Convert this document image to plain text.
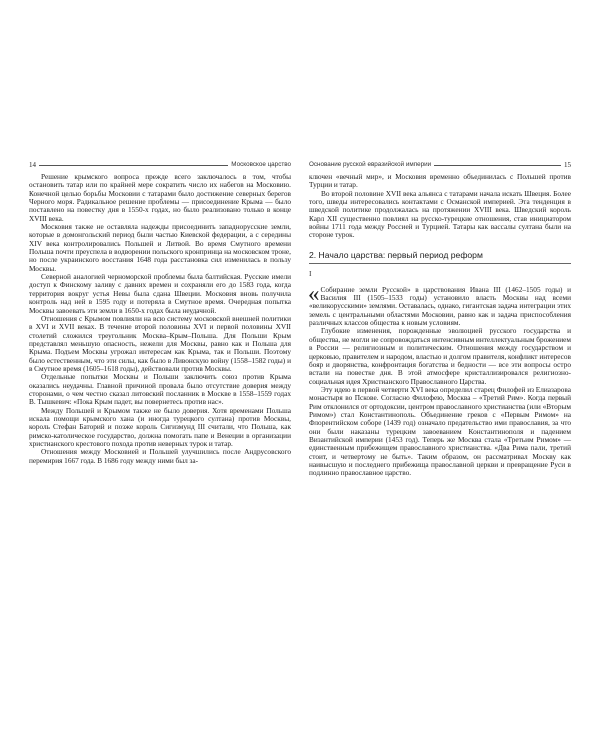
14	Московское царство

Решение крымского вопроса прежде всего заключалось в том, чтобы остановить татар или по крайней мере сократить число их набегов на Московию. Конечной целью борьбы Московии с татарами было достижение северных берегов Черного моря. Радикальное решение проблемы — присоединение Крыма — было поставлено на повестку дня в 1550-х годах, но было реализовано только в конце XVIII века.

Московия также не оставляла надежды присоединить западнорусские земли, которые в домонгольский период были частью Киевской федерации, а с середины XIV века контролировались Польшей и Литвой. Во время Смутного времени Польша почти преуспела в водворении польского кронпринца на московском троне, но после украинского восстания 1648 года расстановка сил изменилась в пользу Москвы.

Северной аналогией черноморской проблемы была балтийская. Русские имели доступ к Финскому заливу с давних времен и сохраняли его до 1583 года, когда территория вокруг устья Невы была сдана Швеции. Московия вновь получила контроль над ней в 1595 году и потеряла в Смутное время. Очередная попытка Москвы завоевать эти земли в 1650-х годах была неудачной.

Отношения с Крымом повлияли на всю систему московской внешней политики в XVI и XVII веках. В течение второй половины XVI и первой половины XVII столетий сложился треугольник Москва–Крым–Польша. Для Польши Крым представлял меньшую опасность, нежели для Москвы, равно как и Польша для Крыма. Подъем Москвы угрожал интересам как Крыма, так и Польши. Поэтому было естественным, что эти силы, как было в Ливонскую войну (1558–1582 годы) и в Смутное время (1605–1618 годы), действовали против Москвы.

Отдельные попытки Москвы и Польши заключить союз против Крыма оказались неудачны. Главной причиной провала было отсутствие доверия между сторонами, о чем честно сказал литовский посланник в Москве в 1558–1559 годах В. Тышкевич: «Пока Крым падет, вы повернетесь против нас».

Между Польшей и Крымом также не было доверия. Хотя временами Польша искала помощи крымского хана (и иногда турецкого султана) против Москвы, король Стефан Баторий и позже король Сигизмунд III считали, что Польша, как римско-католическое государство, должна помогать папе и Венеции в организации христианского крестового похода против неверных турок и татар.

Отношения между Московией и Польшей улучшились после Андрусовского перемирия 1667 года. В 1686 году между ними был за-

Основание русской евразийской империи	15

ключен «вечный мир», и Московия временно объединилась с Польшей против Турции и татар.

Во второй половине XVII века альянса с татарами начала искать Швеция. Более того, шведы интересовались контактами с Османской империей. Эта тенденция в шведской политике продолжалась на протяжении XVIII века. Шведский король Карл XII существенно повлиял на русско-турецкие отношения, став инициатором войны 1711 года между Россией и Турцией. Татары как вассалы султана были на стороне турок.

2. Начало царства: первый период реформ
I

« Собирание земли Русской» в царствования Ивана III (1462–1505 годы) и Василия III (1505–1533 годы) установило власть Москвы над всеми «великорусскими» землями. Оставалась, однако, гигантская задача интеграции этих земель с центральными областями Московии, равно как и задача приспособления различных классов общества к новым условиям.

Глубокие изменения, порожденные эволюцией русского государства и общества, не могли не сопровождаться интенсивным интеллектуальным брожением в России — религиозным и политическим. Отношения между государством и церковью, правителем и народом, властью и долгом правителя, конфликт интересов бояр и дворянства, конфронтация богатства и бедности — все эти вопросы остро встали на повестке дня. В этой атмосфере кристаллизировался религиозно-социальная идея Христианского Православного Царства.

Эту идею в первой четверти XVI века определил старец Филофей из Елиазарова монастыря во Пскове. Согласно Филофею, Москва – «Третий Рим». Когда первый Рим отклонился от ортодоксии, центром православного христианства (или «Вторым Римом») стал Константинополь. Объединение греков с «Первым Римом» на Флорентийском соборе (1439 год) означало предательство ими православия, за что они были наказаны турецким завоеванием Константинополя и падением Византийской империи (1453 год). Теперь же Москва стала «Третьим Римом» — единственным прибежищем православного христианства. «Два Рима пали, третий стоит, и четвертому не быть». Таким образом, он рассматривал Москву как наивысшую и последнего прибежища православной церкви и превращение Руси в подлинно православное царство.
